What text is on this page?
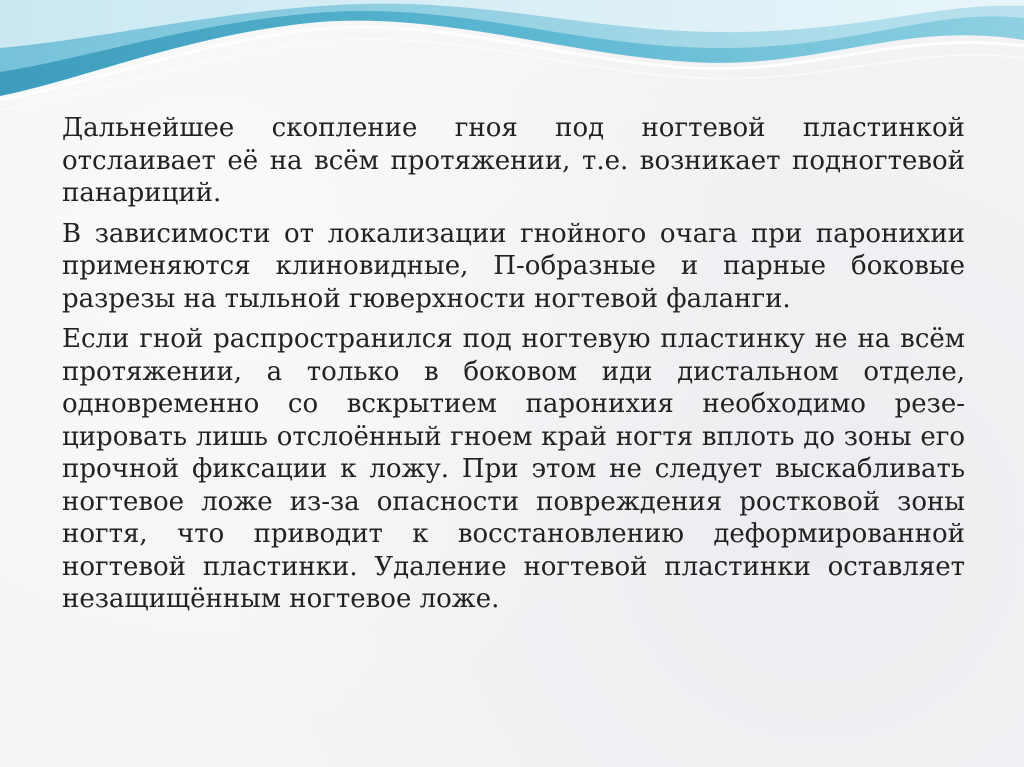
Дальнейшее скопление гноя под ногтевой пластинкой отслаивает её на всём протяжении, т.е. возникает подногтевой панариций.

В зависимости от локализации гнойного очага при паронихии применяются клиновидные, П-образные и парные боковые разрезы на тыльной гюверхности ногтевой фаланги.

Если гной распространился под ногтевую пластинку не на всём протяжении, а только в боковом иди дистальном отделе, одновременно со вскрытием паронихия необходимо резе-цировать лишь отслоённый гноем край ногтя вплоть до зоны его прочной фиксации к ложу. При этом не следует выскабливать ногтевое ложе из-за опасности повреждения ростковой зоны ногтя, что приводит к восстановлению деформированной ногтевой пластинки. Удаление ногтевой пластинки оставляет незащищённым ногтевое ложе.
